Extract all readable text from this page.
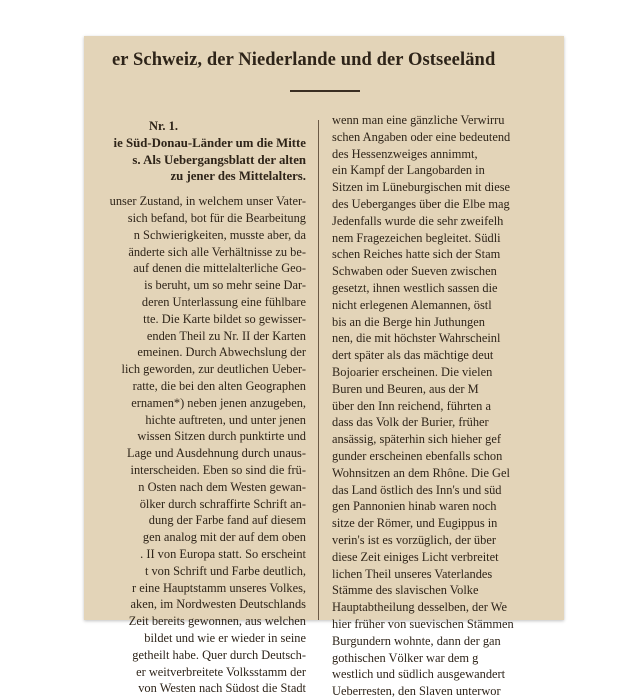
er Schweiz, der Niederlande und der Ostseeländ
Nr. 1.
ie Süd-Donau-Länder um die Mitte
s. Als Uebergangsblatt der alten
zu jener des Mittelalters.
unser Zustand, in welchem unser Vater-
sich befand, bot für die Bearbeitung
n Schwierigkeiten, musste aber, da
änderte sich alle Verhältnisse zu be-
auf denen die mittelalterliche Geo-
is beruht, um so mehr seine Dar-
deren Unterlassung eine fühlbare
tte. Die Karte bildet so gewisser-
enden Theil zu Nr. II der Karten
emeinen. Durch Abwechslung der
lich geworden, zur deutlichen Ueber-
ratte, die bei den alten Geographen
ernamen*) neben jenen anzugeben,
hichte auftreten, und unter jenen
wissen Sitzen durch punktirte und
Lage und Ausdehnung durch unaus-
interscheiden. Eben so sind die frü-
n Osten nach dem Westen gewan-
ölker durch schraffirte Schrift an-
dung der Farbe fand auf diesem
gen analog mit der auf dem oben
. II von Europa statt. So erscheint
t von Schrift und Farbe deutlich,
r eine Hauptstamm unseres Volkes,
aken, im Nordwesten Deutschlands
Zeit bereits gewonnen, aus welchen
bildet und wie er wieder in seine
getheilt habe. Quer durch Deutsch-
er weitverbreitete Volksstamm der
von Westen nach Südost die Stadt
wenn man eine gänzliche Verwirru
schen Angaben oder eine bedeutend
des Hessenzweiges annimmt,
ein Kampf der Langobarden in
Sitzen im Lüneburgischen mit diese
des Ueberganges über die Elbe mag
Jedenfalls wurde die sehr zweifelh
nem Fragezeichen begleitet. Südli
schen Reiches hatte sich der Stam
Schwaben oder Sueven zwischen
gesetzt, ihnen westlich sassen die
nicht erlegenen Alemannen, östl
bis an die Berge hin Juthungen
nen, die mit höchster Wahrscheinl
dert später als das mächtige deut
Bojoarier erscheinen. Die vielen
Buren und Beuren, aus der M
über den Inn reichend, führten a
dass das Volk der Burier, früher
ansässig, späterhin sich hieher gef
gunder erscheinen ebenfalls schon
Wohnsitzen an dem Rhône. Die Gel
das Land östlich des Inn's und süd
gen Pannonien hinab waren noch
sitze der Römer, und Eugippus in
verin's ist es vorzüglich, der über
diese Zeit einiges Licht verbreitet
lichen Theil unseres Vaterlandes
Stämme des slavischen Volke
Hauptabtheilung desselben, der We
hier früher von suevischen Stämmen
Burgundern wohnte, dann der gan
gothischen Völker war dem g
westlich und südlich ausgewandert
Ueberresten, den Slaven unterwor
